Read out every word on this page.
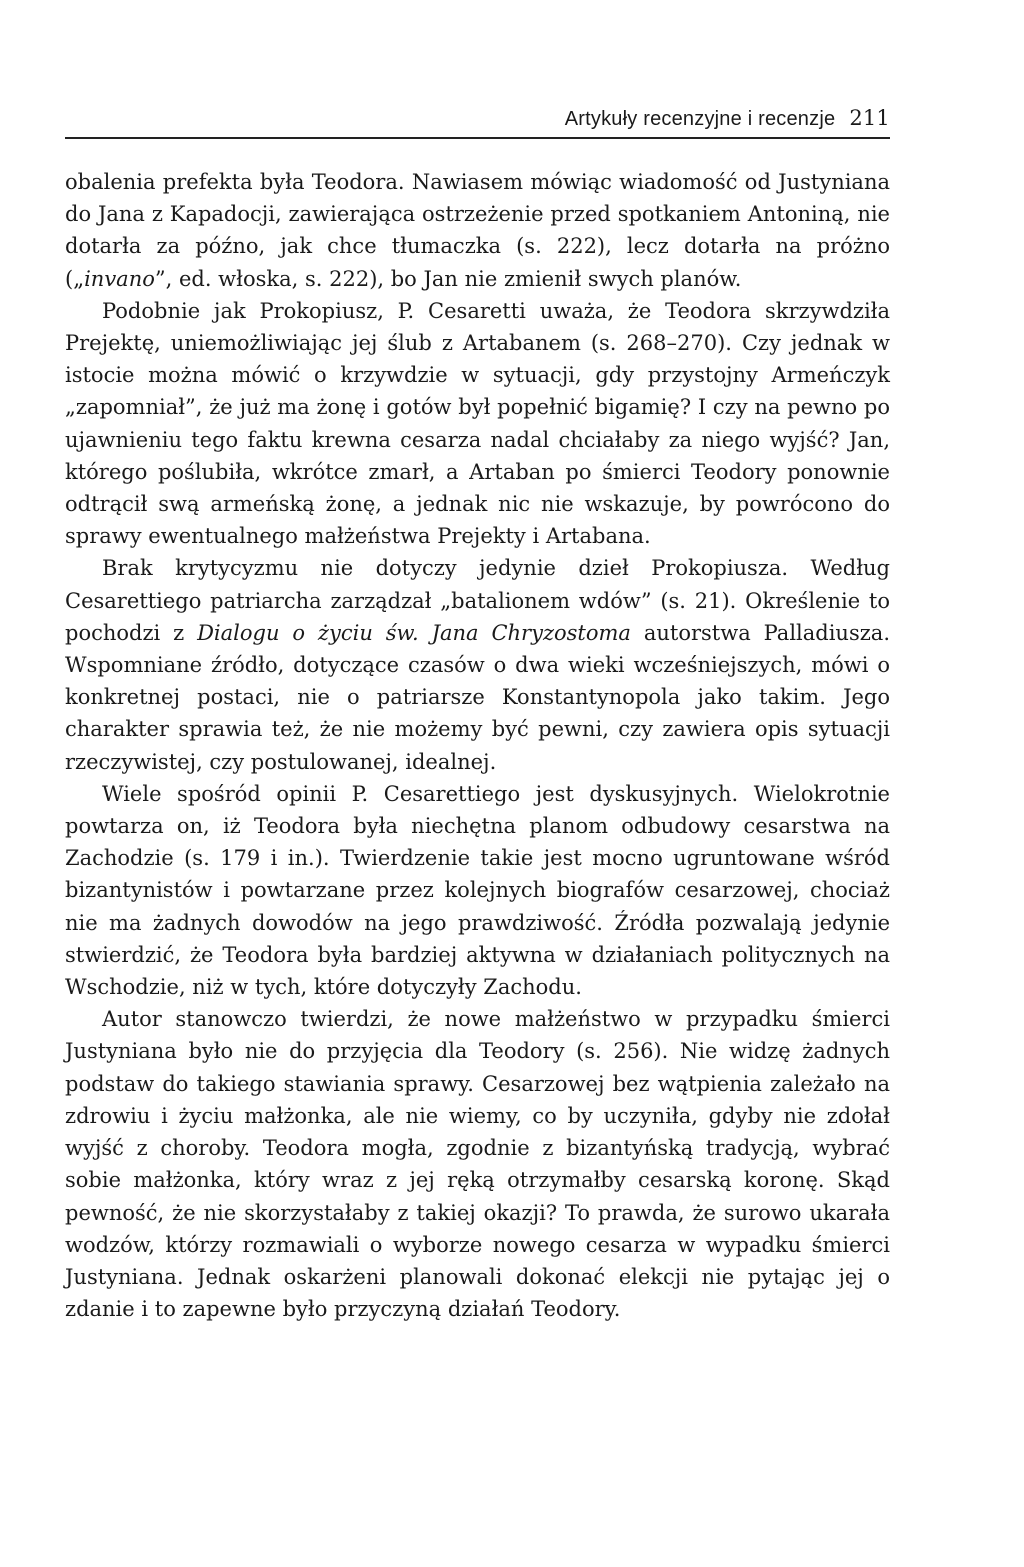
Artykuły recenzyjne i recenzje 211

obalenia prefekta była Teodora. Nawiasem mówiąc wiadomość od Justyniana do Jana z Kapadocji, zawierająca ostrzeżenie przed spotkaniem Antoniną, nie dotarła za późno, jak chce tłumaczka (s. 222), lecz dotarła na próżno („invano”, ed. włoska, s. 222), bo Jan nie zmienił swych planów.

Podobnie jak Prokopiusz, P. Cesaretti uważa, że Teodora skrzywdziła Prejektę, uniemożliwiając jej ślub z Artabanem (s. 268–270). Czy jednak w istocie można mówić o krzywdzie w sytuacji, gdy przystojny Armeńczyk „zapomniał”, że już ma żonę i gotów był popełnić bigamię? I czy na pewno po ujawnieniu tego faktu krewna cesarza nadal chciałaby za niego wyjść? Jan, którego poślubiła, wkrótce zmarł, a Artaban po śmierci Teodory ponownie odtrącił swą armeńską żonę, a jednak nic nie wskazuje, by powrócono do sprawy ewentualnego małżeństwa Prejekty i Artabana.

Brak krytycyzmu nie dotyczy jedynie dzieł Prokopiusza. Według Cesarettiego patriarcha zarządzał „batalionem wdów” (s. 21). Określenie to pochodzi z Dialogu o życiu św. Jana Chryzostoma autorstwa Palladiusza. Wspomniane źródło, dotyczące czasów o dwa wieki wcześniejszych, mówi o konkretnej postaci, nie o patriarsze Konstantynopola jako takim. Jego charakter sprawia też, że nie możemy być pewni, czy zawiera opis sytuacji rzeczywistej, czy postulowanej, idealnej.

Wiele spośród opinii P. Cesarettiego jest dyskusyjnych. Wielokrotnie powtarza on, iż Teodora była niechętna planom odbudowy cesarstwa na Zachodzie (s. 179 i in.). Twierdzenie takie jest mocno ugruntowane wśród bizantynistów i powtarzane przez kolejnych biografów cesarzowej, chociaż nie ma żadnych dowodów na jego prawdziwość. Źródła pozwalają jedynie stwierdzić, że Teodora była bardziej aktywna w działaniach politycznych na Wschodzie, niż w tych, które dotyczyły Zachodu.

Autor stanowczo twierdzi, że nowe małżeństwo w przypadku śmierci Justyniana było nie do przyjęcia dla Teodory (s. 256). Nie widzę żadnych podstaw do takiego stawiania sprawy. Cesarzowej bez wątpienia zależało na zdrowiu i życiu małżonka, ale nie wiemy, co by uczyniła, gdyby nie zdołał wyjść z choroby. Teodora mogła, zgodnie z bizantyńską tradycją, wybrać sobie małżonka, który wraz z jej ręką otrzymałby cesarską koronę. Skąd pewność, że nie skorzystałaby z takiej okazji? To prawda, że surowo ukarała wodzów, którzy rozmawiali o wyborze nowego cesarza w wypadku śmierci Justyniana. Jednak oskarżeni planowali dokonać elekcji nie pytając jej o zdanie i to zapewne było przyczyną działań Teodory.
